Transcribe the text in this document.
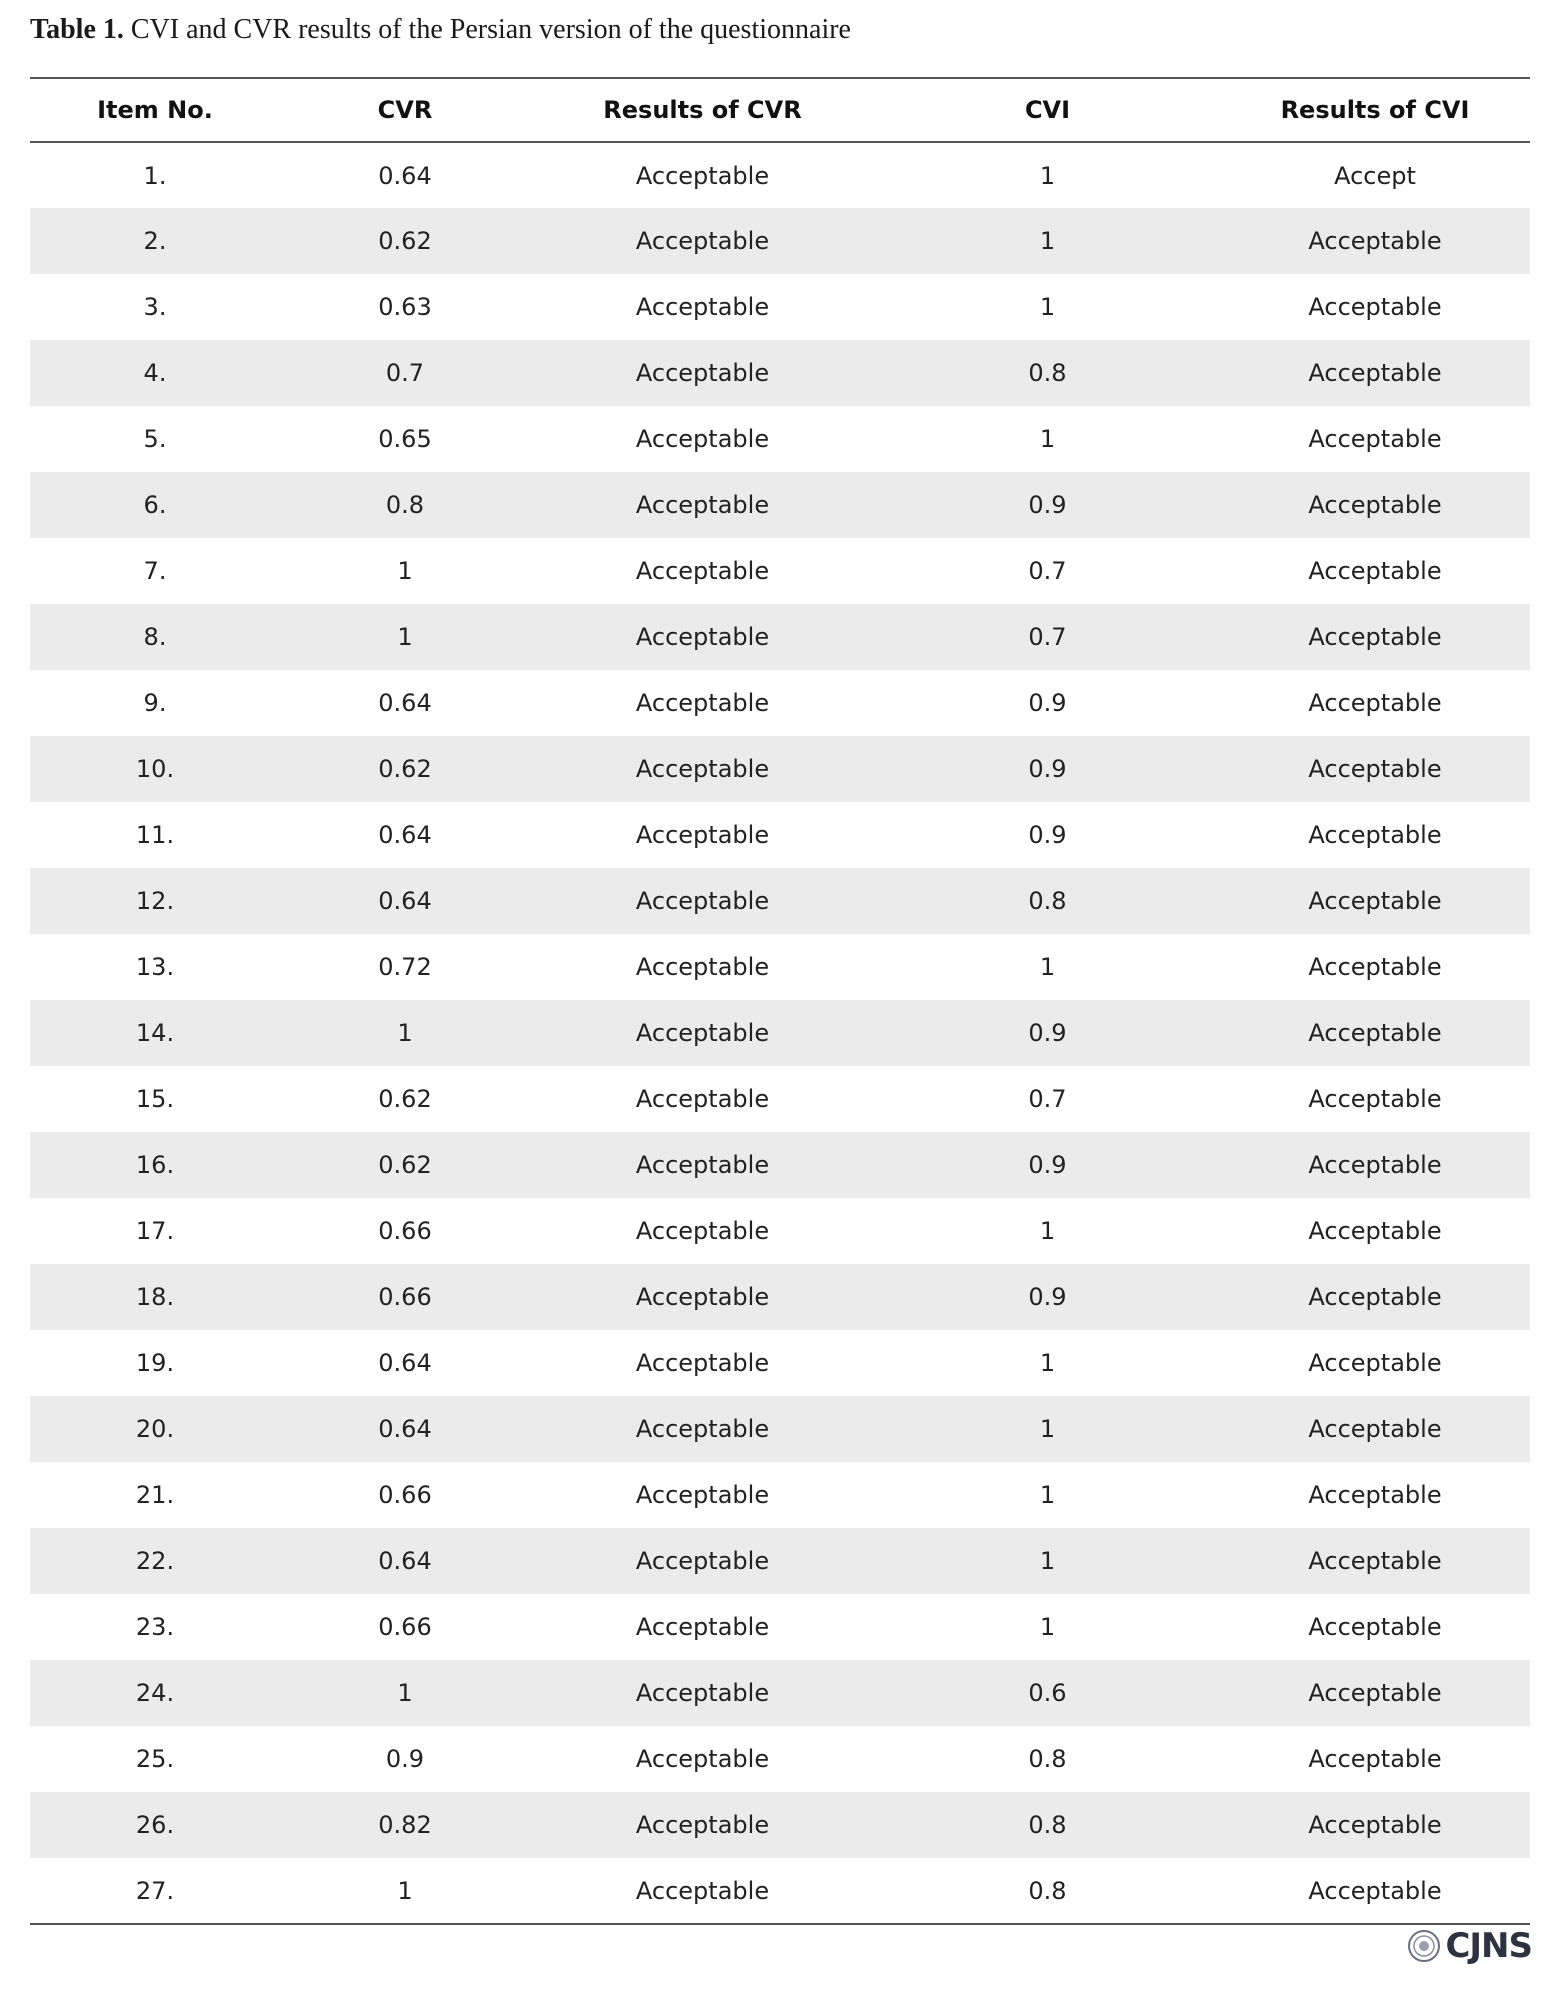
Table 1. CVI and CVR results of the Persian version of the questionnaire
Item No.	CVR	Results of CVR	CVI	Results of CVI
1.	0.64	Acceptable	1	Accept
2.	0.62	Acceptable	1	Acceptable
3.	0.63	Acceptable	1	Acceptable
4.	0.7	Acceptable	0.8	Acceptable
5.	0.65	Acceptable	1	Acceptable
6.	0.8	Acceptable	0.9	Acceptable
7.	1	Acceptable	0.7	Acceptable
8.	1	Acceptable	0.7	Acceptable
9.	0.64	Acceptable	0.9	Acceptable
10.	0.62	Acceptable	0.9	Acceptable
11.	0.64	Acceptable	0.9	Acceptable
12.	0.64	Acceptable	0.8	Acceptable
13.	0.72	Acceptable	1	Acceptable
14.	1	Acceptable	0.9	Acceptable
15.	0.62	Acceptable	0.7	Acceptable
16.	0.62	Acceptable	0.9	Acceptable
17.	0.66	Acceptable	1	Acceptable
18.	0.66	Acceptable	0.9	Acceptable
19.	0.64	Acceptable	1	Acceptable
20.	0.64	Acceptable	1	Acceptable
21.	0.66	Acceptable	1	Acceptable
22.	0.64	Acceptable	1	Acceptable
23.	0.66	Acceptable	1	Acceptable
24.	1	Acceptable	0.6	Acceptable
25.	0.9	Acceptable	0.8	Acceptable
26.	0.82	Acceptable	0.8	Acceptable
27.	1	Acceptable	0.8	Acceptable
CJNS
